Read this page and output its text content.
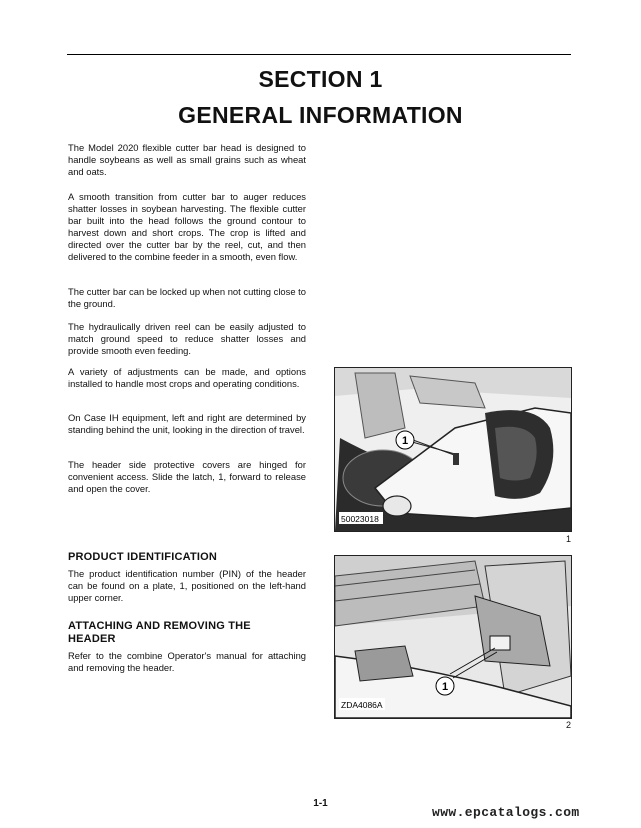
SECTION 1
GENERAL INFORMATION

The Model 2020 flexible cutter bar head is designed to handle soybeans as well as small grains such as wheat and oats.

A smooth transition from cutter bar to auger reduces shatter losses in soybean harvesting. The flexible cutter bar built into the head follows the ground contour to harvest down and short crops. The crop is lifted and directed over the cutter bar by the reel, cut, and then delivered to the combine feeder in a smooth, even flow.

The cutter bar can be locked up when not cutting close to the ground.

The hydraulically driven reel can be easily adjusted to match ground speed to reduce shatter losses and provide smooth even feeding.

A variety of adjustments can be made, and options installed to handle most crops and operating conditions.

On Case IH equipment, left and right are determined by standing behind the unit, looking in the direction of travel.

The header side protective covers are hinged for convenient access. Slide the latch, 1, forward to release and open the cover.

PRODUCT IDENTIFICATION

The product identification number (PIN) of the header can be found on a plate, 1, positioned on the left-hand upper corner.

ATTACHING AND REMOVING THE
HEADER

Refer to the combine Operator's manual for attaching and removing the header.

1
50023018
1
1
ZDA4086A
2
1-1
www.epcatalogs.com
